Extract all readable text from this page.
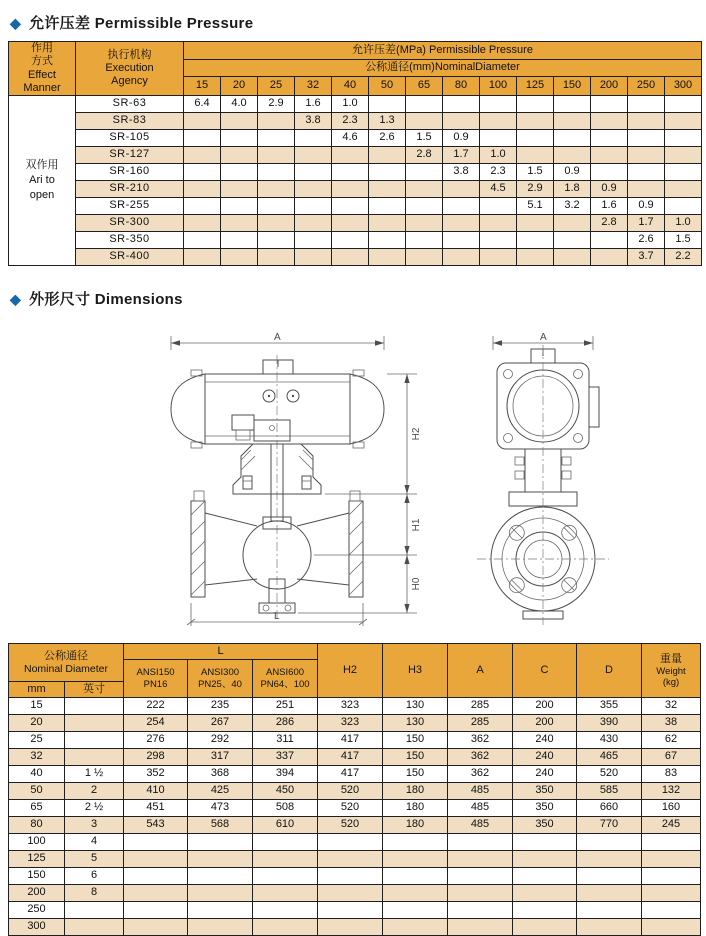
◆ 允许压差 Permissible Pressure
作用
方式
Effect
Manner

执行机构
Execution
Agency
	允许压差(MPa) Permissible Pressure
		公称通径(mm)NominalDiameter													
		15	20	25	32	40	50	65	80	100	125	150	200	250	300

双作用
Ari to
open	SR-63	6.4	4.0	2.9	1.6	1.0									
	SR-83				3.8	2.3	1.3								
	SR-105					4.6	2.6	1.5	0.9						
	SR-127							2.8	1.7	1.0					
	SR-160								3.8	2.3	1.5	0.9			
	SR-210									4.5	2.9	1.8	0.9		
	SR-255										5.1	3.2	1.6	0.9	
	SR-300												2.8	1.7	1.0
	SR-350													2.6	1.5
	SR-400													3.7	2.2
◆ 外形尺寸 Dimensions
A
L
H2
H1
H0
A
公称通径
Nominal Diameter
	L	H2	H3	A	C	D	
重量
Weight
(kg)

ANSI150
PN16

ANSI300
PN25、40

ANSI600
PN64、100

mm	英寸									
15		222	235	251	323	130	285	200	355	32
20		254	267	286	323	130	285	200	390	38
25		276	292	311	417	150	362	240	430	62
32		298	317	337	417	150	362	240	465	67
40	1 ½	352	368	394	417	150	362	240	520	83
50	2	410	425	450	520	180	485	350	585	132
65	2 ½	451	473	508	520	180	485	350	660	160
80	3	543	568	610	520	180	485	350	770	245
100	4									
125	5									
150	6									
200	8									
250										
300										
